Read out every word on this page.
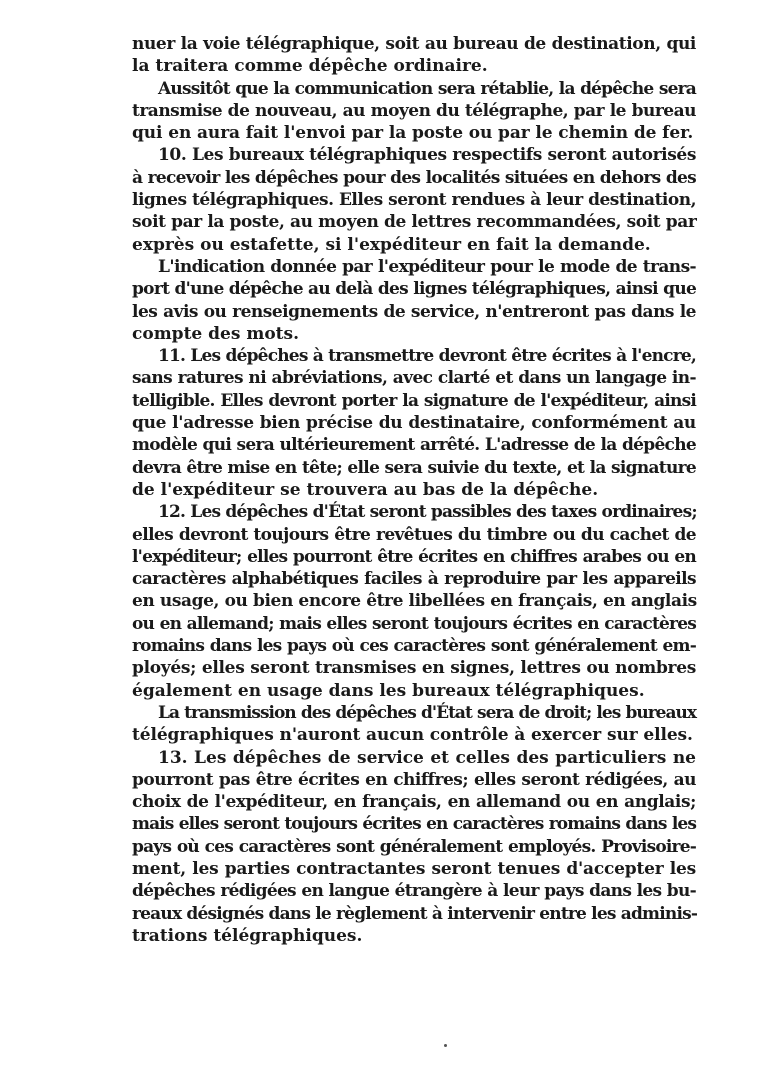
nuer la voie télégraphique, soit au bureau de destination, qui
la traitera comme dépêche ordinaire.
Aussitôt que la communication sera rétablie, la dépêche sera
transmise de nouveau, au moyen du télégraphe, par le bureau
qui en aura fait l'envoi par la poste ou par le chemin de fer.
10. Les bureaux télégraphiques respectifs seront autorisés
à recevoir les dépêches pour des localités situées en dehors des
lignes télégraphiques. Elles seront rendues à leur destination,
soit par la poste, au moyen de lettres recommandées, soit par
exprès ou estafette, si l'expéditeur en fait la demande.
L'indication donnée par l'expéditeur pour le mode de trans-
port d'une dépêche au delà des lignes télégraphiques, ainsi que
les avis ou renseignements de service, n'entreront pas dans le
compte des mots.
11. Les dépêches à transmettre devront être écrites à l'encre,
sans ratures ni abréviations, avec clarté et dans un langage in-
telligible. Elles devront porter la signature de l'expéditeur, ainsi
que l'adresse bien précise du destinataire, conformément au
modèle qui sera ultérieurement arrêté. L'adresse de la dépêche
devra être mise en tête; elle sera suivie du texte, et la signature
de l'expéditeur se trouvera au bas de la dépêche.
12. Les dépêches d'État seront passibles des taxes ordinaires;
elles devront toujours être revêtues du timbre ou du cachet de
l'expéditeur; elles pourront être écrites en chiffres arabes ou en
caractères alphabétiques faciles à reproduire par les appareils
en usage, ou bien encore être libellées en français, en anglais
ou en allemand; mais elles seront toujours écrites en caractères
romains dans les pays où ces caractères sont généralement em-
ployés; elles seront transmises en signes, lettres ou nombres
également en usage dans les bureaux télégraphiques.
La transmission des dépêches d'État sera de droit; les bureaux
télégraphiques n'auront aucun contrôle à exercer sur elles.
13. Les dépêches de service et celles des particuliers ne
pourront pas être écrites en chiffres; elles seront rédigées, au
choix de l'expéditeur, en français, en allemand ou en anglais;
mais elles seront toujours écrites en caractères romains dans les
pays où ces caractères sont généralement employés. Provisoire-
ment, les parties contractantes seront tenues d'accepter les
dépêches rédigées en langue étrangère à leur pays dans les bu-
reaux désignés dans le règlement à intervenir entre les adminis-
trations télégraphiques.
